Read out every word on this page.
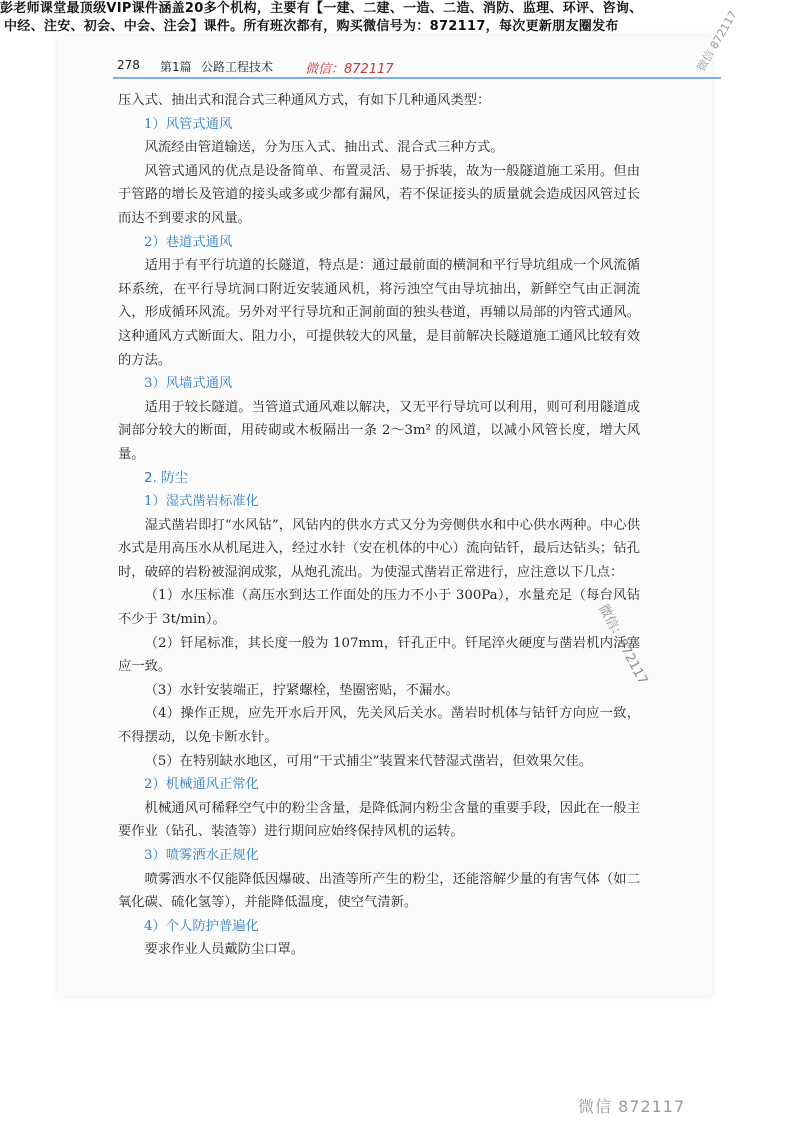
彭老师课堂最顶级VIP课件涵盖20多个机构，主要有【一建、二建、一造、二造、消防、监理、环评、咨询、
中经、注安、初会、中会、注会】课件。所有班次都有，购买微信号为：872117，每次更新朋友圈发布
278 第1篇 公路工程技术 微信：872117

压入式、抽出式和混合式三种通风方式，有如下几种通风类型：

1）风管式通风

风流经由管道输送，分为压入式、抽出式、混合式三种方式。

风管式通风的优点是设备简单、布置灵活、易于拆装，故为一般隧道施工采用。但由于管路的增长及管道的接头或多或少都有漏风，若不保证接头的质量就会造成因风管过长而达不到要求的风量。

2）巷道式通风

适用于有平行坑道的长隧道，特点是：通过最前面的横洞和平行导坑组成一个风流循环系统，在平行导坑洞口附近安装通风机，将污浊空气由导坑抽出，新鲜空气由正洞流入，形成循环风流。另外对平行导坑和正洞前面的独头巷道，再辅以局部的内管式通风。这种通风方式断面大、阻力小，可提供较大的风量，是目前解决长隧道施工通风比较有效的方法。

3）风墙式通风

适用于较长隧道。当管道式通风难以解决，又无平行导坑可以利用，则可利用隧道成洞部分较大的断面，用砖砌或木板隔出一条 2～3m² 的风道，以减小风管长度，增大风量。

2. 防尘

1）湿式凿岩标准化

湿式凿岩即打“水风钻”，风钻内的供水方式又分为旁侧供水和中心供水两种。中心供水式是用高压水从机尾进入，经过水针（安在机体的中心）流向钻钎，最后达钻头；钻孔时，破碎的岩粉被湿润成浆，从炮孔流出。为使湿式凿岩正常进行，应注意以下几点：

（1）水压标准（高压水到达工作面处的压力不小于 300Pa），水量充足（每台风钻不少于 3t/min）。

（2）钎尾标准，其长度一般为 107mm，钎孔正中。钎尾淬火硬度与凿岩机内活塞应一致。

（3）水针安装端正，拧紧螺栓，垫圈密贴，不漏水。

（4）操作正规，应先开水后开风，先关风后关水。凿岩时机体与钻钎方向应一致，不得摆动，以免卡断水针。

（5）在特别缺水地区，可用“干式捕尘”装置来代替湿式凿岩，但效果欠佳。

2）机械通风正常化

机械通风可稀释空气中的粉尘含量，是降低洞内粉尘含量的重要手段，因此在一般主要作业（钻孔、装渣等）进行期间应始终保持风机的运转。

3）喷雾洒水正规化

喷雾洒水不仅能降低因爆破、出渣等所产生的粉尘，还能溶解少量的有害气体（如二氧化碳、硫化氢等），并能降低温度，使空气清新。

4）个人防护普遍化

要求作业人员戴防尘口罩。

微信 872117
微信：872117
微信 872117
